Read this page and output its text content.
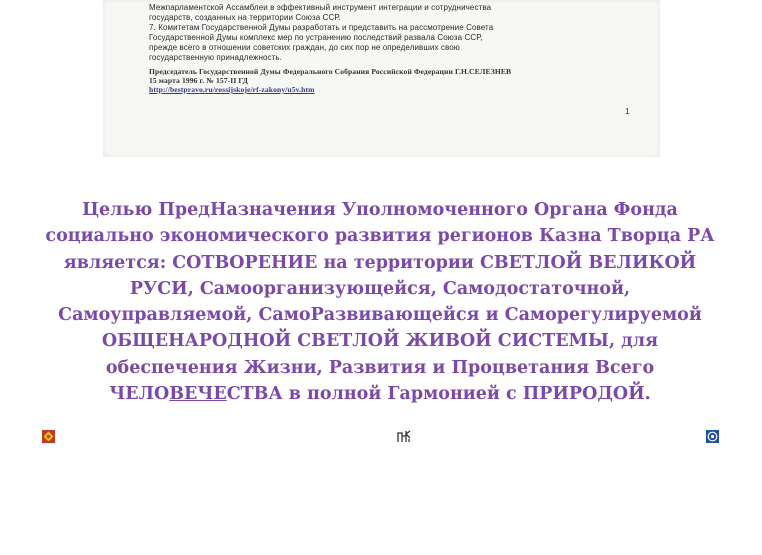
Межпарламентской Ассамблеи в эффективный инструмент интеграции и сотрудничества
государств, созданных на территории Союза ССР.
7. Комитетам Государственной Думы разработать и представить на рассмотрение Совета
Государственной Думы комплекс мер по устранению последствий развала Союза ССР,
прежде всего в отношении советских граждан, до сих пор не определивших свою
государственную принадлежность.
Председатель Государственной Думы Федерального Собрания Российской Федерации Г.Н.СЕЛЕЗНЕВ
15 марта 1996 г. № 157-II ГД
http://bestpravo.ru/rossijskoje/rf-zakony/u5v.htm
1
Целью ПредНазначения Уполномоченного Органа Фонда
социально экономического развития регионов Казна Творца РА
является: СОТВОРЕНИЕ на территории СВЕТЛОЙ ВЕЛИКОЙ
РУСИ, Самоорганизующейся, Самодостаточной,
Самоуправляемой, СамоРазвивающейся и Саморегулируемой
ОБЩЕНАРОДНОЙ СВЕТЛОЙ ЖИВОЙ СИСТЕМЫ, для
обеспечения Жизни, Развития и Процветания Всего
ЧЕЛОВЕЧЕСТВА в полной Гармонией с ПРИРОДОЙ.
